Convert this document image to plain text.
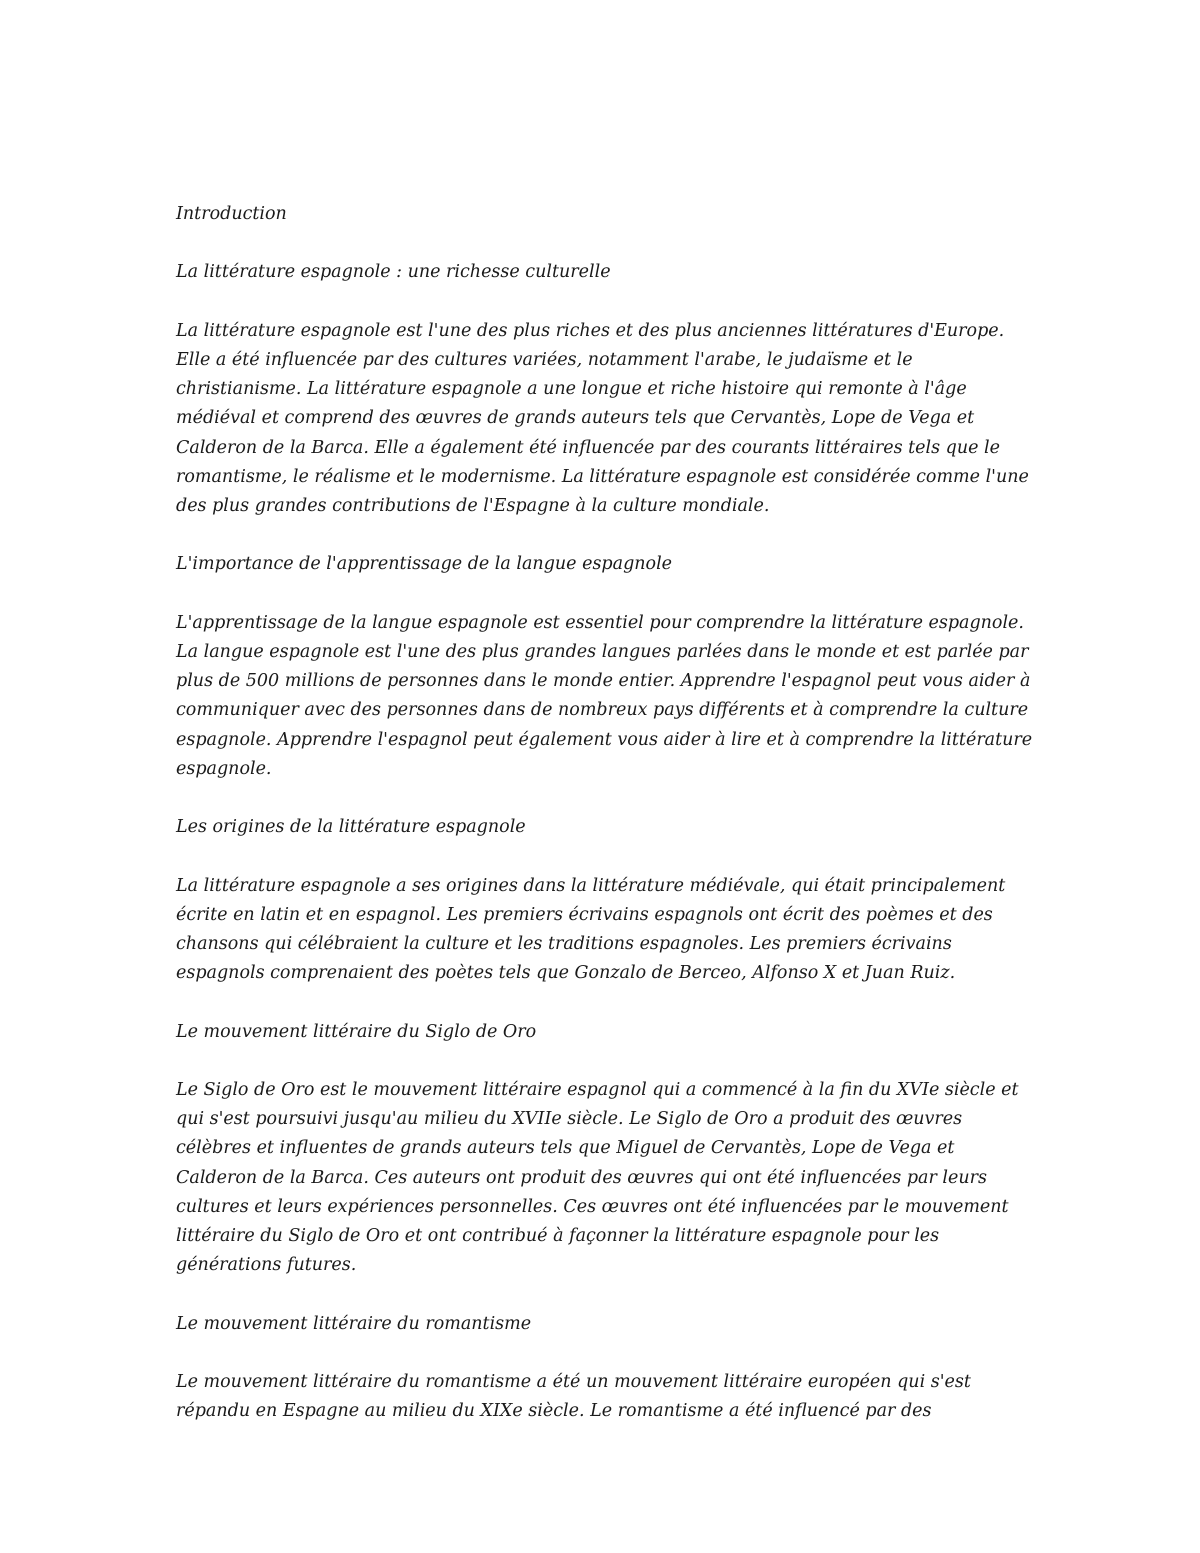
Introduction

La littérature espagnole : une richesse culturelle

La littérature espagnole est l'une des plus riches et des plus anciennes littératures d'Europe. Elle a été influencée par des cultures variées, notamment l'arabe, le judaïsme et le christianisme. La littérature espagnole a une longue et riche histoire qui remonte à l'âge médiéval et comprend des œuvres de grands auteurs tels que Cervantès, Lope de Vega et Calderon de la Barca. Elle a également été influencée par des courants littéraires tels que le romantisme, le réalisme et le modernisme. La littérature espagnole est considérée comme l'une des plus grandes contributions de l'Espagne à la culture mondiale.

L'importance de l'apprentissage de la langue espagnole

L'apprentissage de la langue espagnole est essentiel pour comprendre la littérature espagnole. La langue espagnole est l'une des plus grandes langues parlées dans le monde et est parlée par plus de 500 millions de personnes dans le monde entier. Apprendre l'espagnol peut vous aider à communiquer avec des personnes dans de nombreux pays différents et à comprendre la culture espagnole. Apprendre l'espagnol peut également vous aider à lire et à comprendre la littérature espagnole.

Les origines de la littérature espagnole

La littérature espagnole a ses origines dans la littérature médiévale, qui était principalement écrite en latin et en espagnol. Les premiers écrivains espagnols ont écrit des poèmes et des chansons qui célébraient la culture et les traditions espagnoles. Les premiers écrivains espagnols comprenaient des poètes tels que Gonzalo de Berceo, Alfonso X et Juan Ruiz.

Le mouvement littéraire du Siglo de Oro

Le Siglo de Oro est le mouvement littéraire espagnol qui a commencé à la fin du XVIe siècle et qui s'est poursuivi jusqu'au milieu du XVIIe siècle. Le Siglo de Oro a produit des œuvres célèbres et influentes de grands auteurs tels que Miguel de Cervantès, Lope de Vega et Calderon de la Barca. Ces auteurs ont produit des œuvres qui ont été influencées par leurs cultures et leurs expériences personnelles. Ces œuvres ont été influencées par le mouvement littéraire du Siglo de Oro et ont contribué à façonner la littérature espagnole pour les générations futures.

Le mouvement littéraire du romantisme

Le mouvement littéraire du romantisme a été un mouvement littéraire européen qui s'est répandu en Espagne au milieu du XIXe siècle. Le romantisme a été influencé par des
